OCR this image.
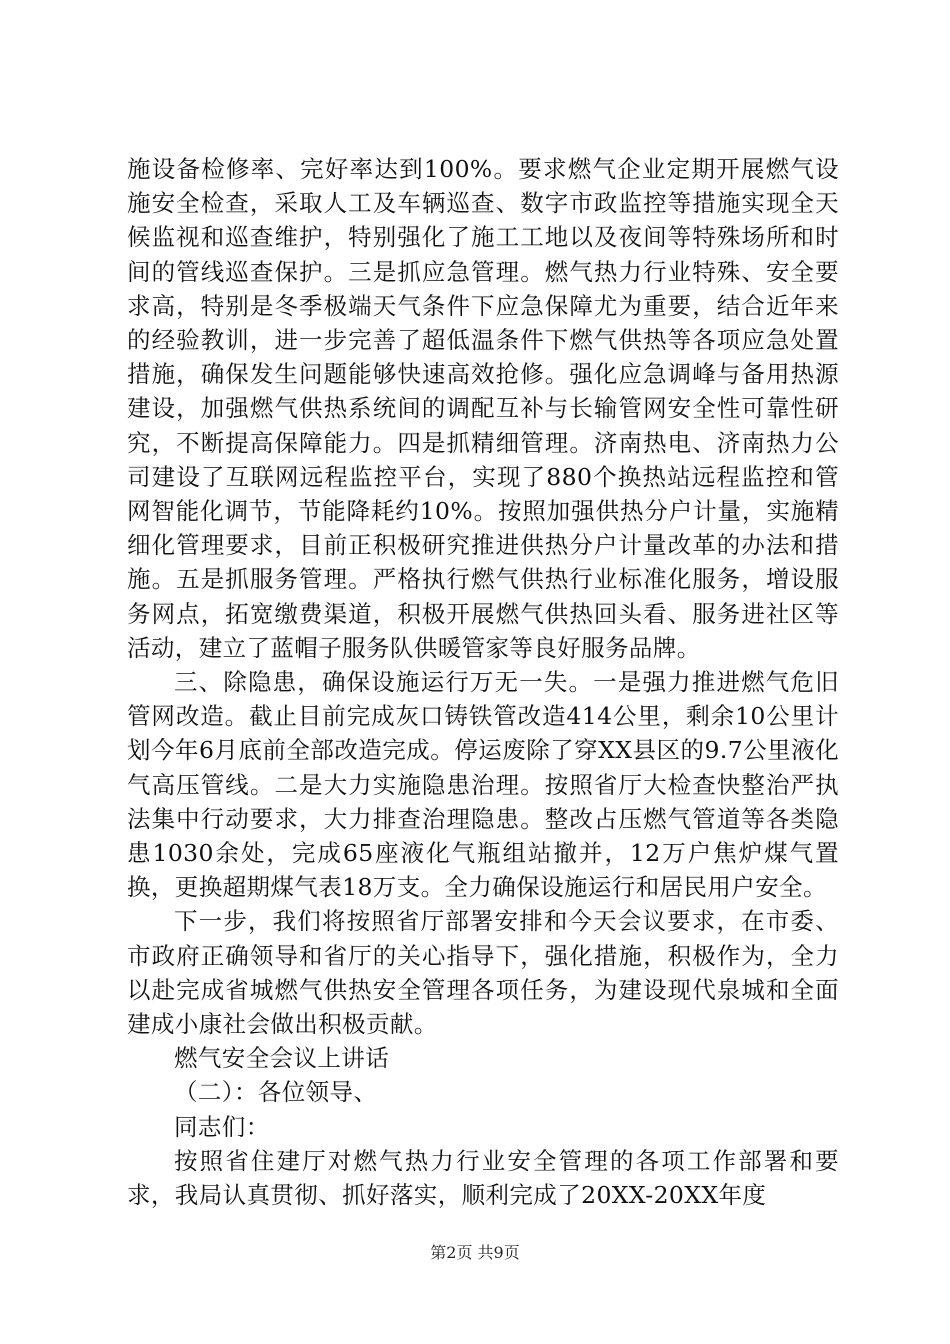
施设备检修率、完好率达到100%。要求燃气企业定期开展燃气设施安全检查，采取人工及车辆巡查、数字市政监控等措施实现全天候监视和巡查维护，特别强化了施工工地以及夜间等特殊场所和时间的管线巡查保护。三是抓应急管理。燃气热力行业特殊、安全要求高，特别是冬季极端天气条件下应急保障尤为重要，结合近年来的经验教训，进一步完善了超低温条件下燃气供热等各项应急处置措施，确保发生问题能够快速高效抢修。强化应急调峰与备用热源建设，加强燃气供热系统间的调配互补与长输管网安全性可靠性研究，不断提高保障能力。四是抓精细管理。济南热电、济南热力公司建设了互联网远程监控平台，实现了880个换热站远程监控和管网智能化调节，节能降耗约10%。按照加强供热分户计量，实施精细化管理要求，目前正积极研究推进供热分户计量改革的办法和措施。五是抓服务管理。严格执行燃气供热行业标准化服务，增设服务网点，拓宽缴费渠道，积极开展燃气供热回头看、服务进社区等活动，建立了蓝帽子服务队供暖管家等良好服务品牌。

三、除隐患，确保设施运行万无一失。一是强力推进燃气危旧管网改造。截止目前完成灰口铸铁管改造414公里，剩余10公里计划今年6月底前全部改造完成。停运废除了穿XX县区的9.7公里液化气高压管线。二是大力实施隐患治理。按照省厅大检查快整治严执法集中行动要求，大力排查治理隐患。整改占压燃气管道等各类隐患1030余处，完成65座液化气瓶组站撤并，12万户焦炉煤气置换，更换超期煤气表18万支。全力确保设施运行和居民用户安全。

下一步，我们将按照省厅部署安排和今天会议要求，在市委、市政府正确领导和省厅的关心指导下，强化措施，积极作为，全力以赴完成省城燃气供热安全管理各项任务，为建设现代泉城和全面建成小康社会做出积极贡献。

燃气安全会议上讲话

（二）：各位领导、

同志们：

按照省住建厅对燃气热力行业安全管理的各项工作部署和要求，我局认真贯彻、抓好落实，顺利完成了20XX-20XX年度

第2页 共9页
